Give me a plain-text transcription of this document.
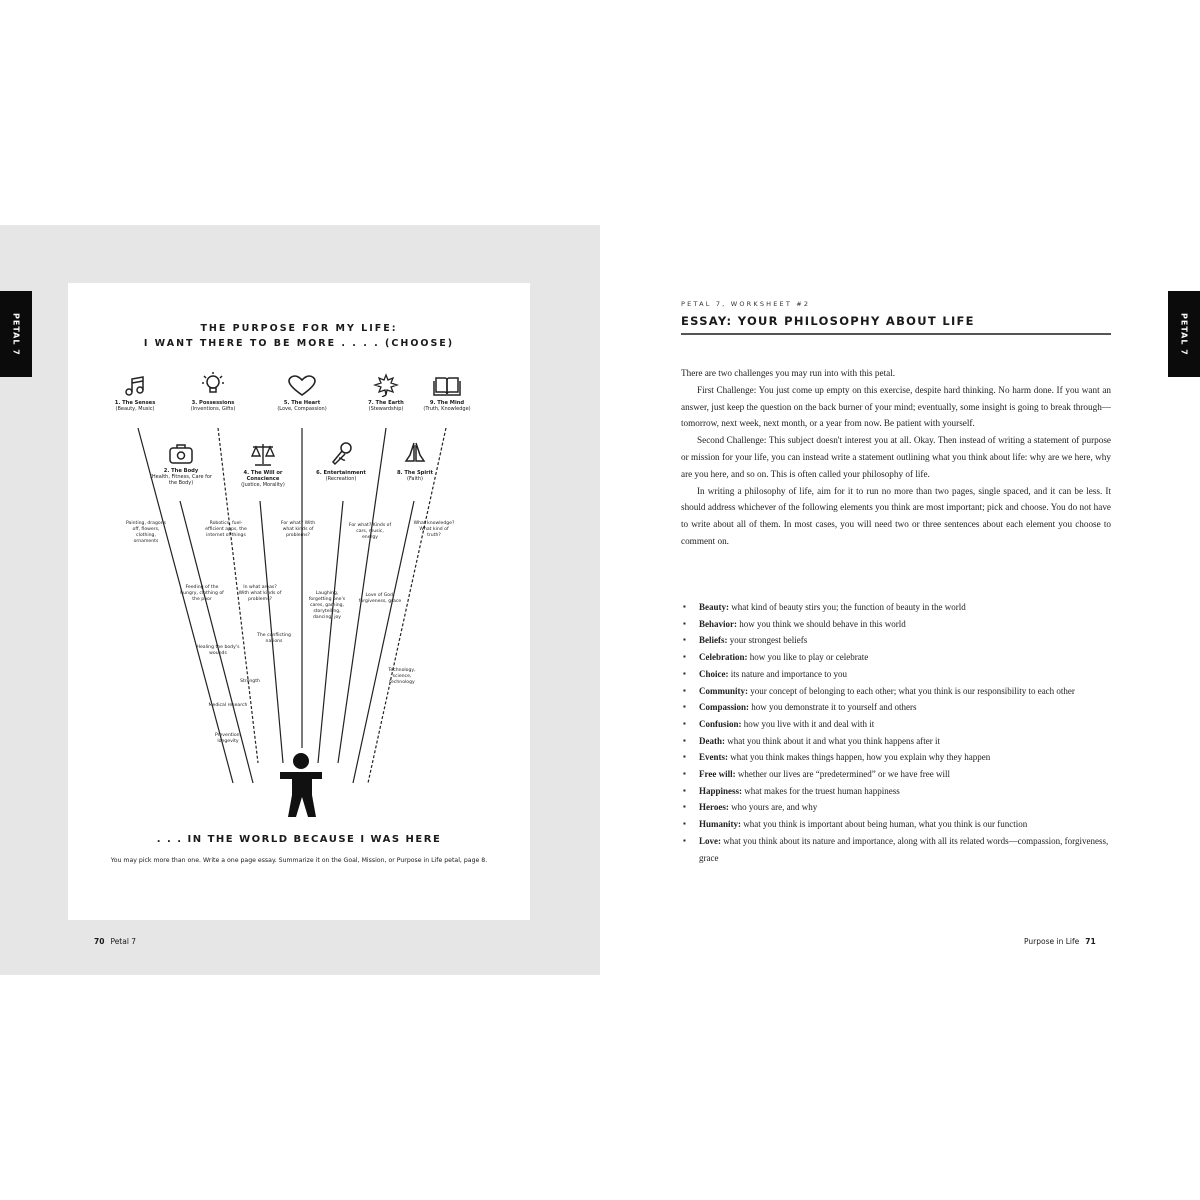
PETAL 7	THE PURPOSE FOR MY LIFE:
I WANT THERE TO BE MORE . . . . (CHOOSE)
1. The Senses
(Beauty, Music)
3. Possessions
(Inventions, Gifts)
5. The Heart
(Love, Compassion)
7. The Earth
(Stewardship)
9. The Mind
(Truth, Knowledge)
2. The Body
(Health, Fitness, Care for the Body)
4. The Will or Conscience
(Justice, Morality)
6. Entertainment
(Recreation)
8. The Spirit
(Faith)
Painting, dragons off, flowers, clothing, ornaments
Robotics, fuel-efficient apps, the internet of things
For what? With what kinds of problems?
For what? Kinds of cars, music, energy
What knowledge? What kind of truth?
Feeding of the hungry, clothing of the poor
In what areas? With what kinds of problems?
Laughing, forgetting one's cares, gaming, storytelling, dancing, joy
Love of God, forgiveness, grace
Healing the body's wounds
The conflicting nations
Strength
Medical research
Prevention, longevity
Technology, science, technology
. . . IN THE WORLD BECAUSE I WAS HERE
You may pick more than one. Write a one page essay. Summarize it on the Goal, Mission, or Purpose in Life petal, page 8.
70 Petal 7
PETAL 7
PETAL 7, WORKSHEET #2
ESSAY: YOUR PHILOSOPHY ABOUT LIFE

There are two challenges you may run into with this petal.

First Challenge: You just come up empty on this exercise, despite hard thinking. No harm done. If you want an answer, just keep the question on the back burner of your mind; eventually, some insight is going to break through—tomorrow, next week, next month, or a year from now. Be patient with yourself.

Second Challenge: This subject doesn't interest you at all. Okay. Then instead of writing a statement of purpose or mission for your life, you can instead write a statement outlining what you think about life: why are we here, why are you here, and so on. This is often called your philosophy of life.

In writing a philosophy of life, aim for it to run no more than two pages, single spaced, and it can be less. It should address whichever of the following elements you think are most important; pick and choose. You do not have to write about all of them. In most cases, you will need two or three sentences about each element you choose to comment on.

▪ Beauty: what kind of beauty stirs you; the function of beauty in the world
▪ Behavior: how you think we should behave in this world
▪ Beliefs: your strongest beliefs
▪ Celebration: how you like to play or celebrate
▪ Choice: its nature and importance to you
▪ Community: your concept of belonging to each other; what you think is our responsibility to each other
▪ Compassion: how you demonstrate it to yourself and others
▪ Confusion: how you live with it and deal with it
▪ Death: what you think about it and what you think happens after it
▪ Events: what you think makes things happen, how you explain why they happen
▪ Free will: whether our lives are “predetermined” or we have free will
▪ Happiness: what makes for the truest human happiness
▪ Heroes: who yours are, and why
▪ Humanity: what you think is important about being human, what you think is our function
▪ Love: what you think about its nature and importance, along with all its related words—compassion, forgiveness, grace
Purpose in Life 71
